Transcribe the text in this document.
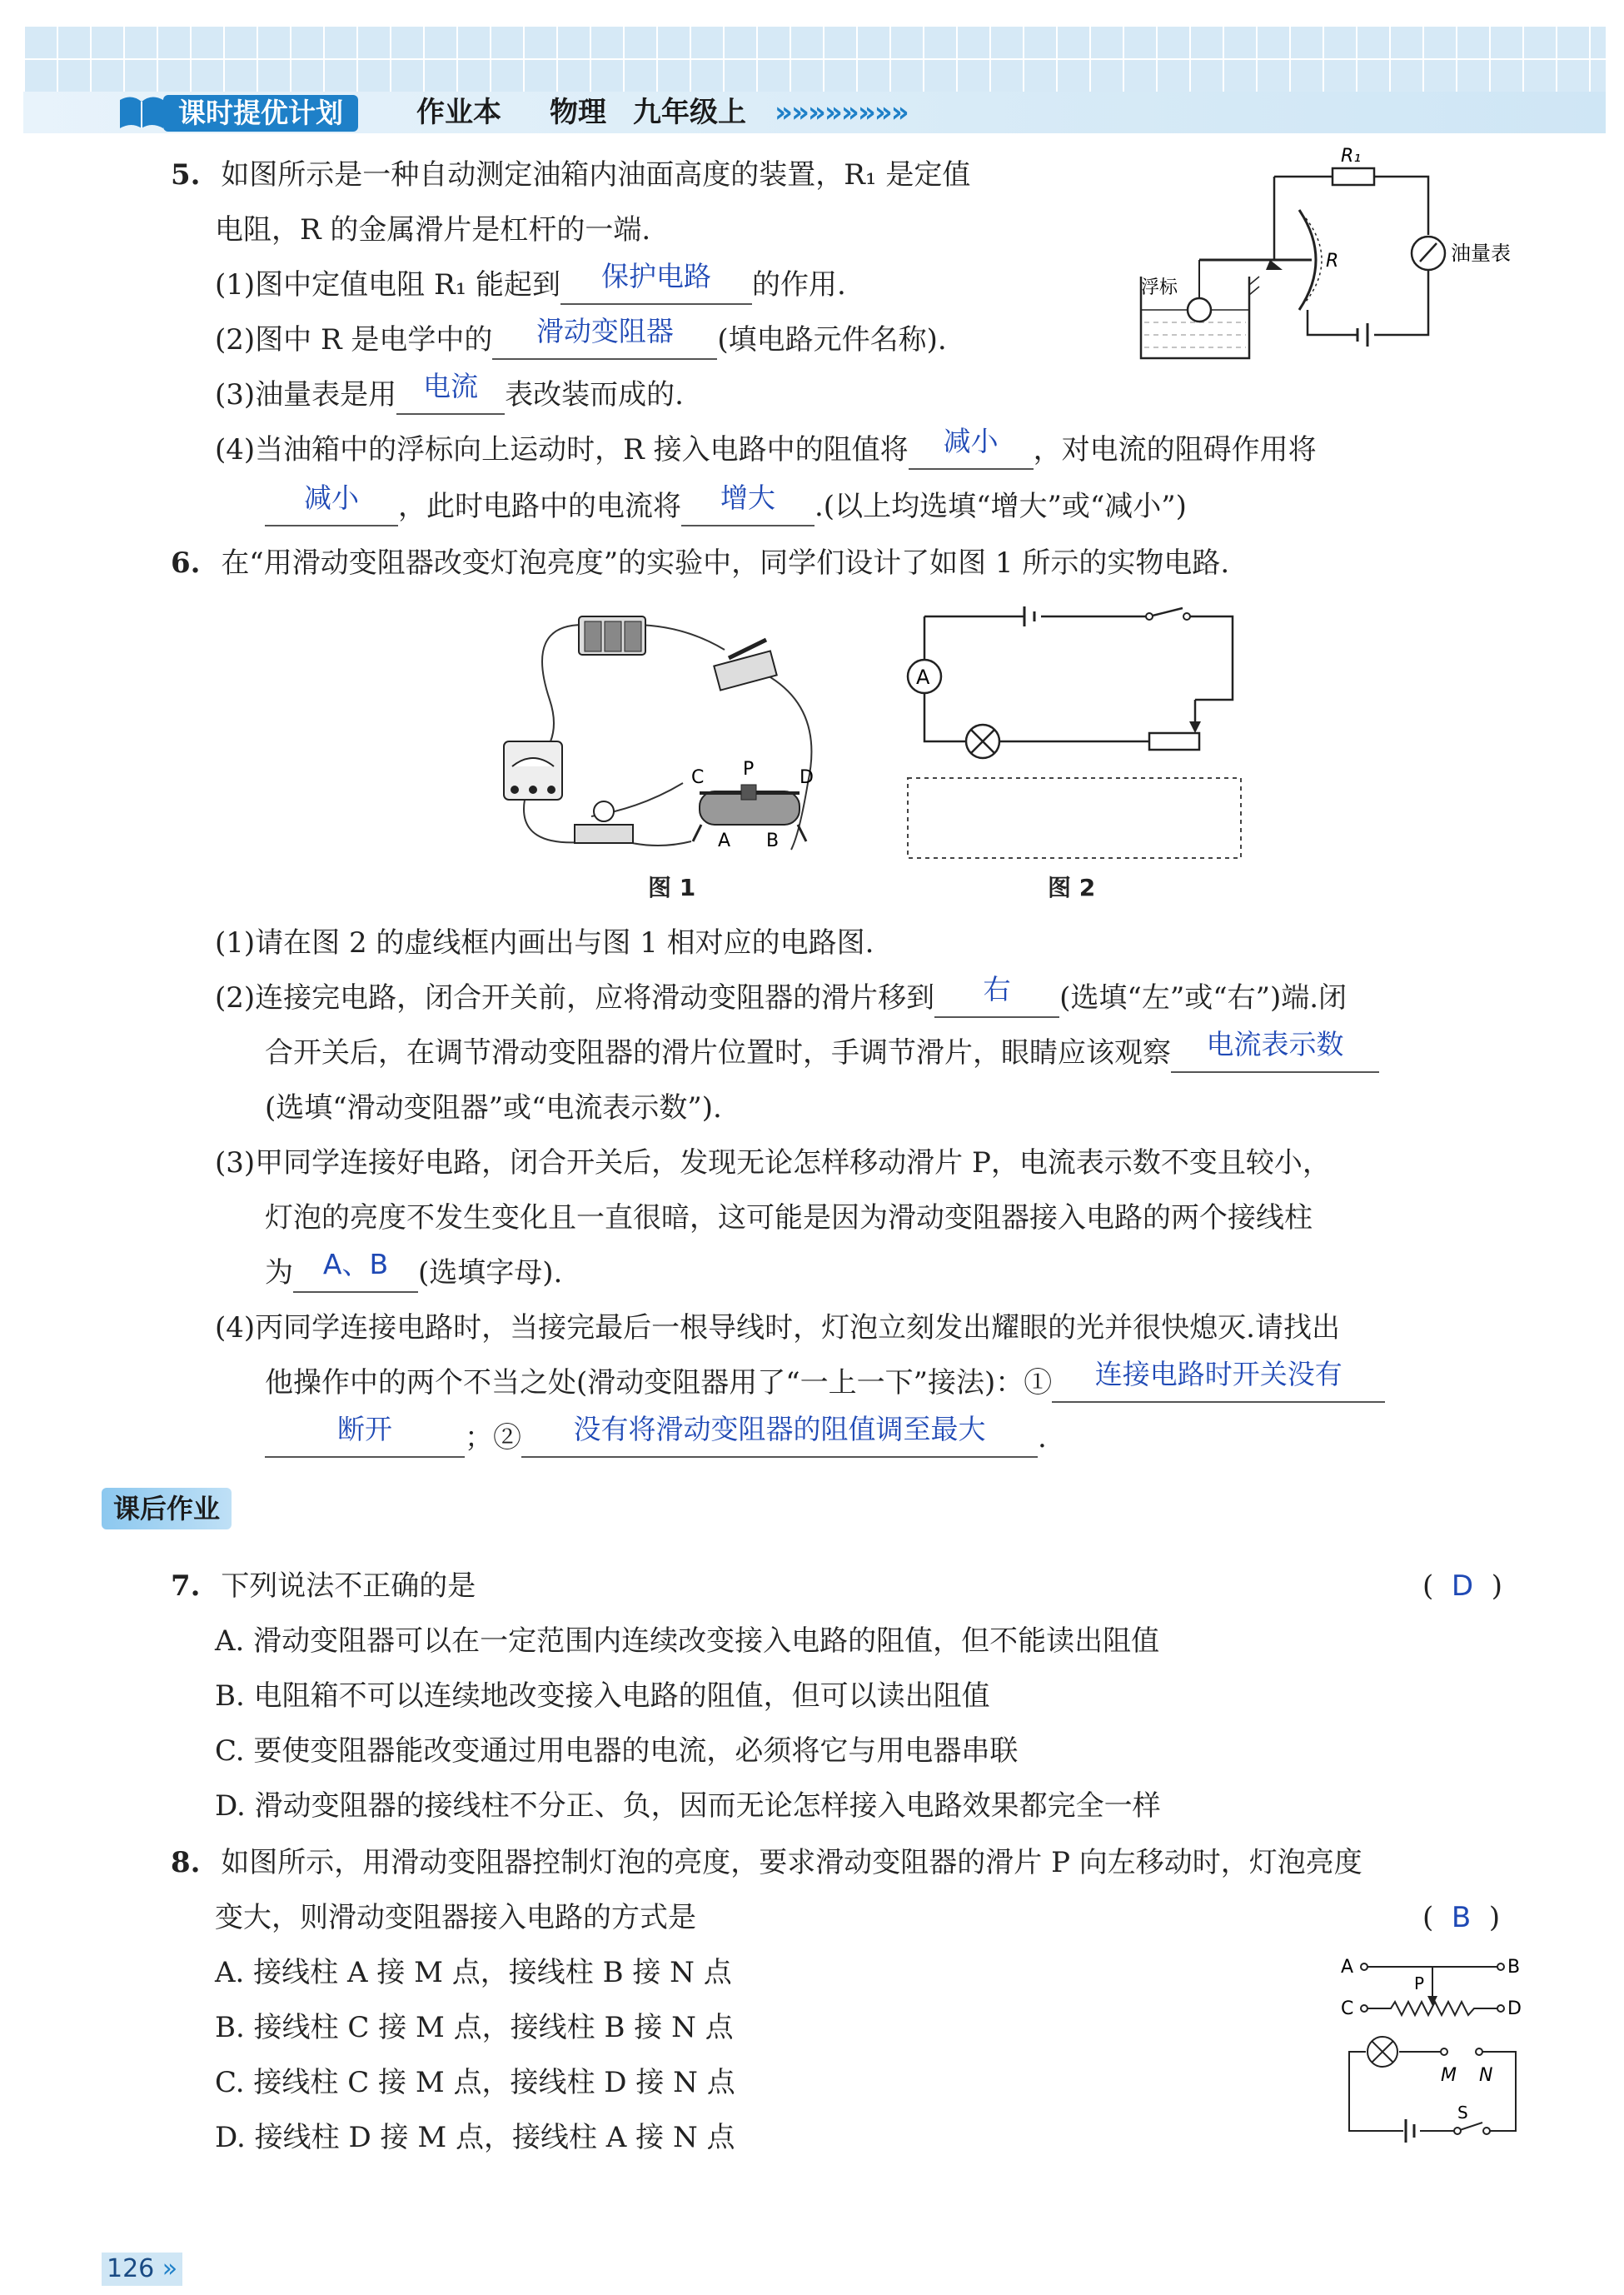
课时提优计划	作业本 物理 九年级上 »»»»»»»»
5. 如图所示是一种自动测定油箱内油面高度的装置，R₁ 是定值
电阻，R 的金属滑片是杠杆的一端.
(1)图中定值电阻 R₁ 能起到 保护电路 的作用.
(2)图中 R 是电学中的 滑动变阻器 (填电路元件名称).
(3)油量表是用 电流 表改装而成的.
(4)当油箱中的浮标向上运动时，R 接入电路中的阻值将 减小 ，对电流的阻碍作用将
减小 ，此时电路中的电流将 增大 .(以上均选填“增大”或“减小”)
R₁
油量表
R
浮标
6. 在“用滑动变阻器改变灯泡亮度”的实验中，同学们设计了如图 1 所示的实物电路.
C P D
A B
图 1
A
图 2
(1)请在图 2 的虚线框内画出与图 1 相对应的电路图.
(2)连接完电路，闭合开关前，应将滑动变阻器的滑片移到 右 (选填“左”或“右”)端.闭
合开关后，在调节滑动变阻器的滑片位置时，手调节滑片，眼睛应该观察 电流表示数
(选填“滑动变阻器”或“电流表示数”).
(3)甲同学连接好电路，闭合开关后，发现无论怎样移动滑片 P，电流表示数不变且较小，
灯泡的亮度不发生变化且一直很暗，这可能是因为滑动变阻器接入电路的两个接线柱
为 A、B (选填字母).
(4)丙同学连接电路时，当接完最后一根导线时，灯泡立刻发出耀眼的光并很快熄灭.请找出
他操作中的两个不当之处(滑动变阻器用了“一上一下”接法)：① 连接电路时开关没有
断开	；② 没有将滑动变阻器的阻值调至最大 .
课后作业
7. 下列说法不正确的是	(  D  )
A. 滑动变阻器可以在一定范围内连续改变接入电路的阻值，但不能读出阻值
B. 电阻箱不可以连续地改变接入电路的阻值，但可以读出阻值
C. 要使变阻器能改变通过用电器的电流，必须将它与用电器串联
D. 滑动变阻器的接线柱不分正、负，因而无论怎样接入电路效果都完全一样
8. 如图所示，用滑动变阻器控制灯泡的亮度，要求滑动变阻器的滑片 P 向左移动时，灯泡亮度
变大，则滑动变阻器接入电路的方式是	(  B  )
A. 接线柱 A 接 M 点，接线柱 B 接 N 点
B. 接线柱 C 接 M 点，接线柱 B 接 N 点
C. 接线柱 C 接 M 点，接线柱 D 接 N 点
D. 接线柱 D 接 M 点，接线柱 A 接 N 点
A	B
P
C	D
M N
S
126 »
